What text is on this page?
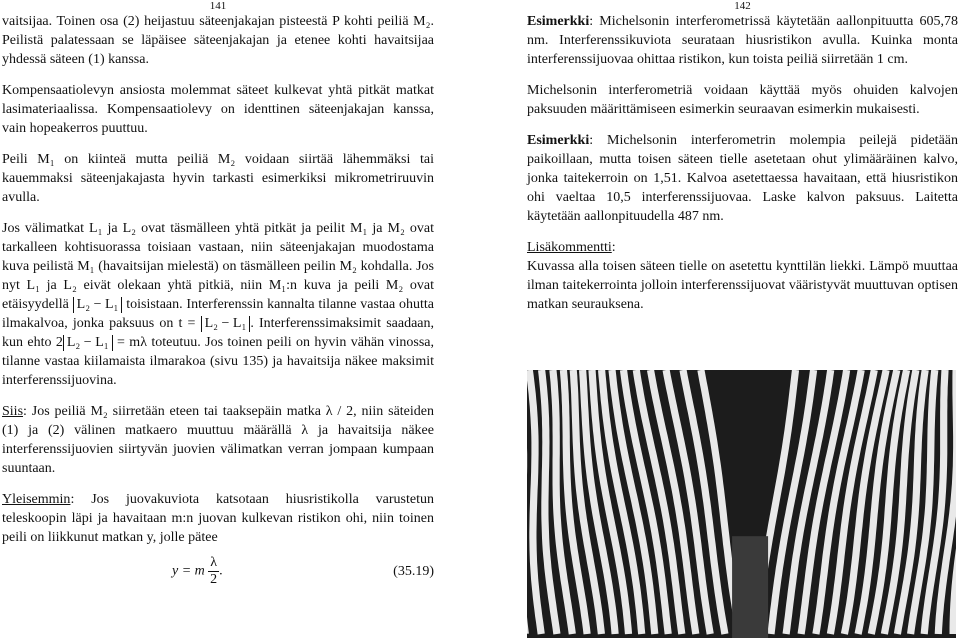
141

vaitsijaa. Toinen osa (2) heijastuu säteenjakajan pisteestä P kohti peiliä M₂. Peilistä palatessaan se läpäisee säteenjakajan ja etenee kohti havaitsijaa yhdessä säteen (1) kanssa.

Kompensaatiolevyn ansiosta molemmat säteet kulkevat yhtä pitkät matkat lasimateriaalissa. Kompensaatiolevy on identtinen säteenjakajan kanssa, vain hopeakerros puuttuu.

Peili M₁ on kiinteä mutta peiliä M₂ voidaan siirtää lähemmäksi tai kauemmaksi säteenjakajasta hyvin tarkasti esimerkiksi mikrometriruuvin avulla.

Jos välimatkat L₁ ja L₂ ovat täsmälleen yhtä pitkät ja peilit M₁ ja M₂ ovat tarkalleen kohtisuorassa toisiaan vastaan, niin säteenjakajan muodostama kuva peilistä M₁ (havaitsijan mielestä) on täsmälleen peilin M₂ kohdalla. Jos nyt L₁ ja L₂ eivät olekaan yhtä pitkiä, niin M₁:n kuva ja peili M₂ ovat etäisyydellä L₂ − L₁ toisistaan. Interferenssin kannalta tilanne vastaa ohutta ilmakalvoa, jonka paksuus on t = L₂ − L₁ . Interferenssimaksimit saadaan, kun ehto 2 L₂ − L₁ = mλ toteutuu. Jos toinen peili on hyvin vähän vinossa, tilanne vastaa kiilamaista ilmarakoa (sivu 135) ja havaitsija näkee maksimit interferenssijuovina.

Siis: Jos peiliä M₂ siirretään eteen tai taaksepäin matka λ / 2, niin säteiden (1) ja (2) välinen matkaero muuttuu määrällä λ ja havaitsija näkee interferenssijuovien siirtyvän juovien välimatkan verran jompaan kumpaan suuntaan.

Yleisemmin: Jos juovakuviota katsotaan hiusristikolla varustetun teleskoopin läpi ja havaitaan m:n juovan kulkevan ristikon ohi, niin toinen peili on liikkunut matkan y, jolle pätee

y = m $\frac{\lambda}{2}$ .	(35.19)
142

Esimerkki: Michelsonin interferometrissä käytetään aallonpituutta 605,78 nm. Interferenssikuviota seurataan hiusristikon avulla. Kuinka monta interferenssijuovaa ohittaa ristikon, kun toista peiliä siirretään 1 cm.

Michelsonin interferometriä voidaan käyttää myös ohuiden kalvojen paksuuden määrittämiseen esimerkin seuraavan esimerkin mukaisesti.

Esimerkki: Michelsonin interferometrin molempia peilejä pidetään paikoillaan, mutta toisen säteen tielle asetetaan ohut ylimääräinen kalvo, jonka taitekerroin on 1,51. Kalvoa asetettaessa havaitaan, että hiusristikon ohi vaeltaa 10,5 interferenssijuovaa. Laske kalvon paksuus. Laitetta käytetään aallonpituudella 487 nm.

Lisäkommentti:
Kuvassa alla toisen säteen tielle on asetettu kynttilän liekki. Lämpö muuttaa ilman taitekerrointa jolloin interferenssijuovat vääristyvät muuttuvan optisen matkan seurauksena.
